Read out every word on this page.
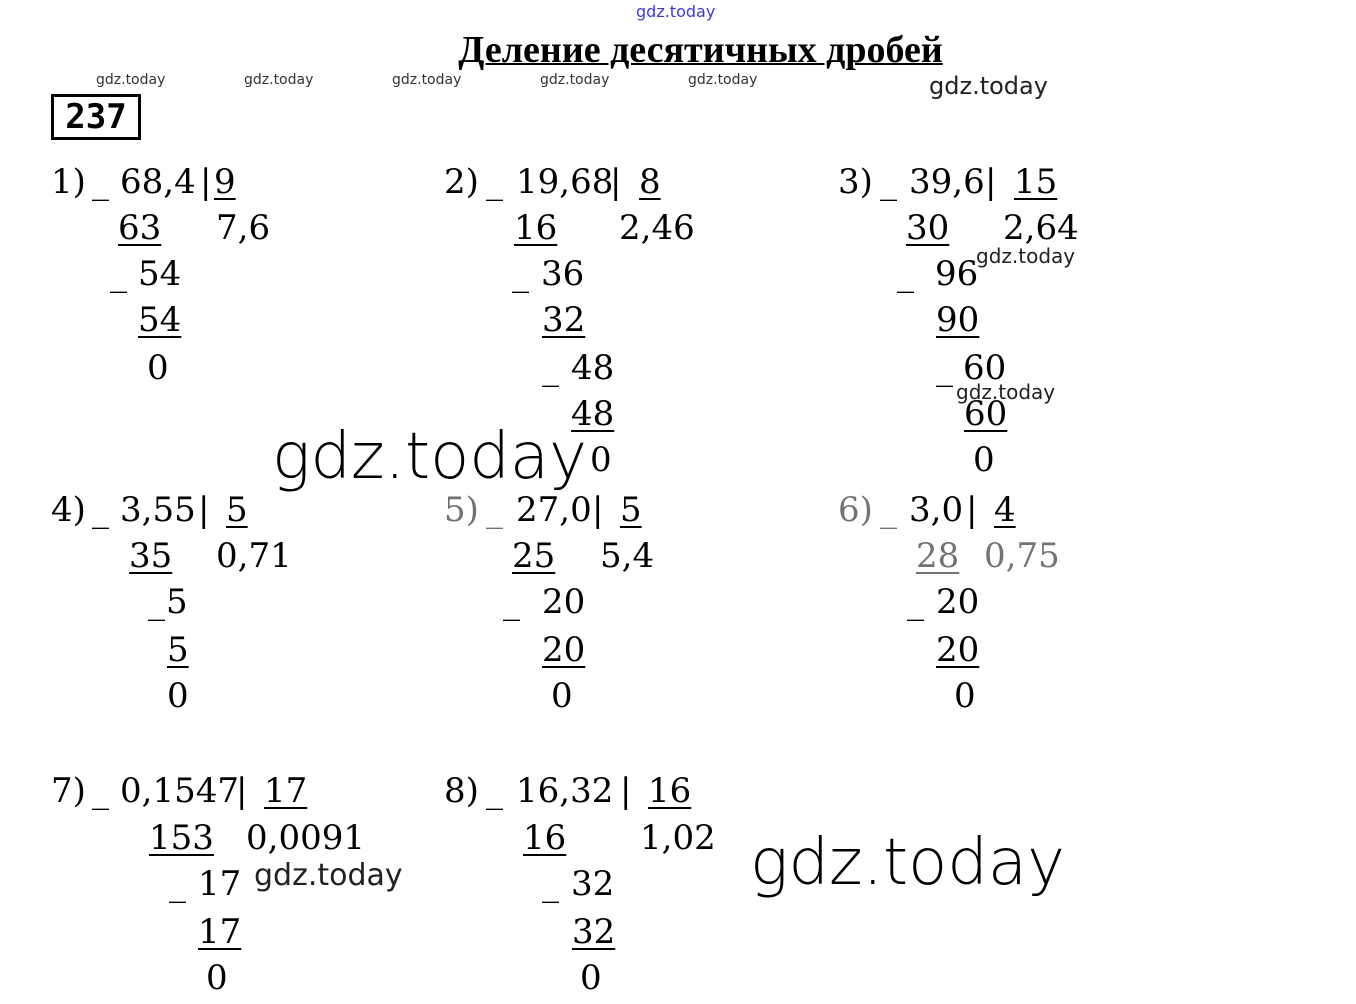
gdz.today
gdz.today	gdz.today	gdz.today	gdz.today	gdz.today	gdz.today
gdz.today
gdz.today
gdz.today
gdz.today	gdz.today
Деление десятичных дробей
237
1) _ 68,4 | 9
7,6
63
_ 54
54
0
2) _ 19,68
| 8
2,46
16
_ 36
32
_ 48
48
0
3) _ 39,6 | 15
2,64
30
_ 96
90
_ 60
60
0
4) _ 3,55 | 5
0,71
35
_ 5
5
0
5) _ 27,0 | 5
5,4
25
_ 20
20
0
6) _ 3,0 | 4
0,75
28
_ 20
20
0
7) _ 0,1547
| 17
0,0091
153
_ 17
17
0
8) _ 16,32 | 16
1,02
16
_ 32
32
0
